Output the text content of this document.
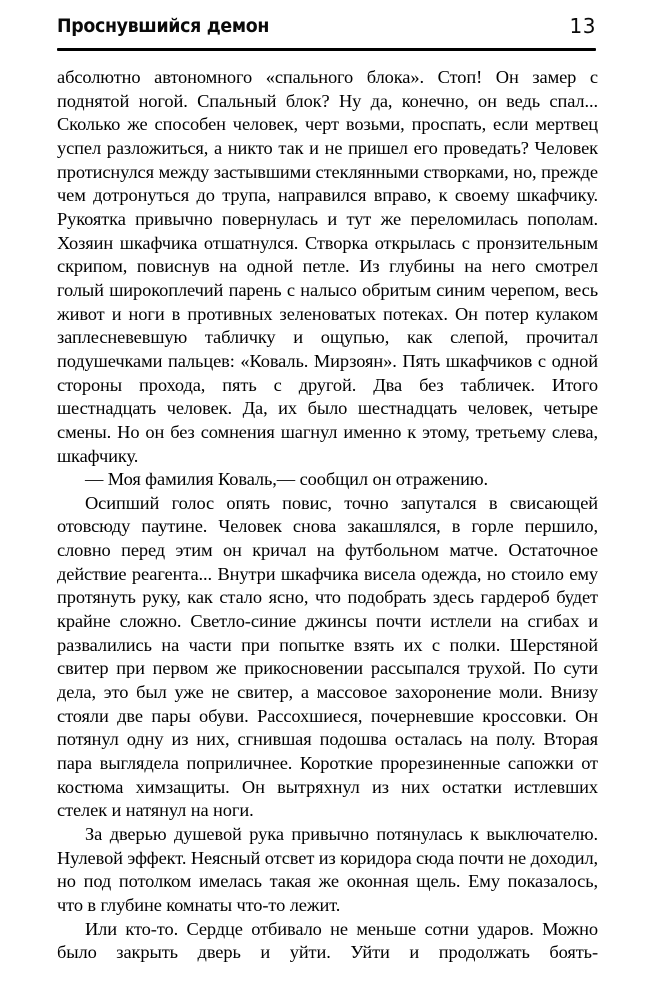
Проснувшийся демон	13

абсолютно автономного «спального блока». Стоп! Он замер с поднятой ногой. Спальный блок? Ну да, конечно, он ведь спал... Сколько же способен человек, черт возьми, проспать, если мертвец успел разложиться, а никто так и не пришел его проведать? Человек протиснулся между застывшими стеклянными створками, но, прежде чем дотронуться до трупа, направился вправо, к своему шкафчику. Рукоятка привычно повернулась и тут же переломилась пополам. Хозяин шкафчика отшатнулся. Створка открылась с пронзительным скрипом, повиснув на одной петле. Из глубины на него смотрел голый широкоплечий парень с налысо обритым синим черепом, весь живот и ноги в противных зеленоватых потеках. Он потер кулаком заплесневевшую табличку и ощупью, как слепой, прочитал подушечками пальцев: «Коваль. Мирзоян». Пять шкафчиков с одной стороны прохода, пять с другой. Два без табличек. Итого шестнадцать человек. Да, их было шестнадцать человек, четыре смены. Но он без сомнения шагнул именно к этому, третьему слева, шкафчику.

— Моя фамилия Коваль,— сообщил он отражению.

Осипший голос опять повис, точно запутался в свисающей отовсюду паутине. Человек снова закашлялся, в горле першило, словно перед этим он кричал на футбольном матче. Остаточное действие реагента... Внутри шкафчика висела одежда, но стоило ему протянуть руку, как стало ясно, что подобрать здесь гардероб будет крайне сложно. Светло-синие джинсы почти истлели на сгибах и развалились на части при попытке взять их с полки. Шерстяной свитер при первом же прикосновении рассыпался трухой. По сути дела, это был уже не свитер, а массовое захоронение моли. Внизу стояли две пары обуви. Рассохшиеся, почерневшие кроссовки. Он потянул одну из них, сгнившая подошва осталась на полу. Вторая пара выглядела поприличнее. Короткие прорезиненные сапожки от костюма химзащиты. Он вытряхнул из них остатки истлевших стелек и натянул на ноги.

За дверью душевой рука привычно потянулась к выключателю. Нулевой эффект. Неясный отсвет из коридора сюда почти не доходил, но под потолком имелась такая же оконная щель. Ему показалось, что в глубине комнаты что-то лежит.

Или кто-то. Сердце отбивало не меньше сотни ударов. Можно было закрыть дверь и уйти. Уйти и продолжать боять-
